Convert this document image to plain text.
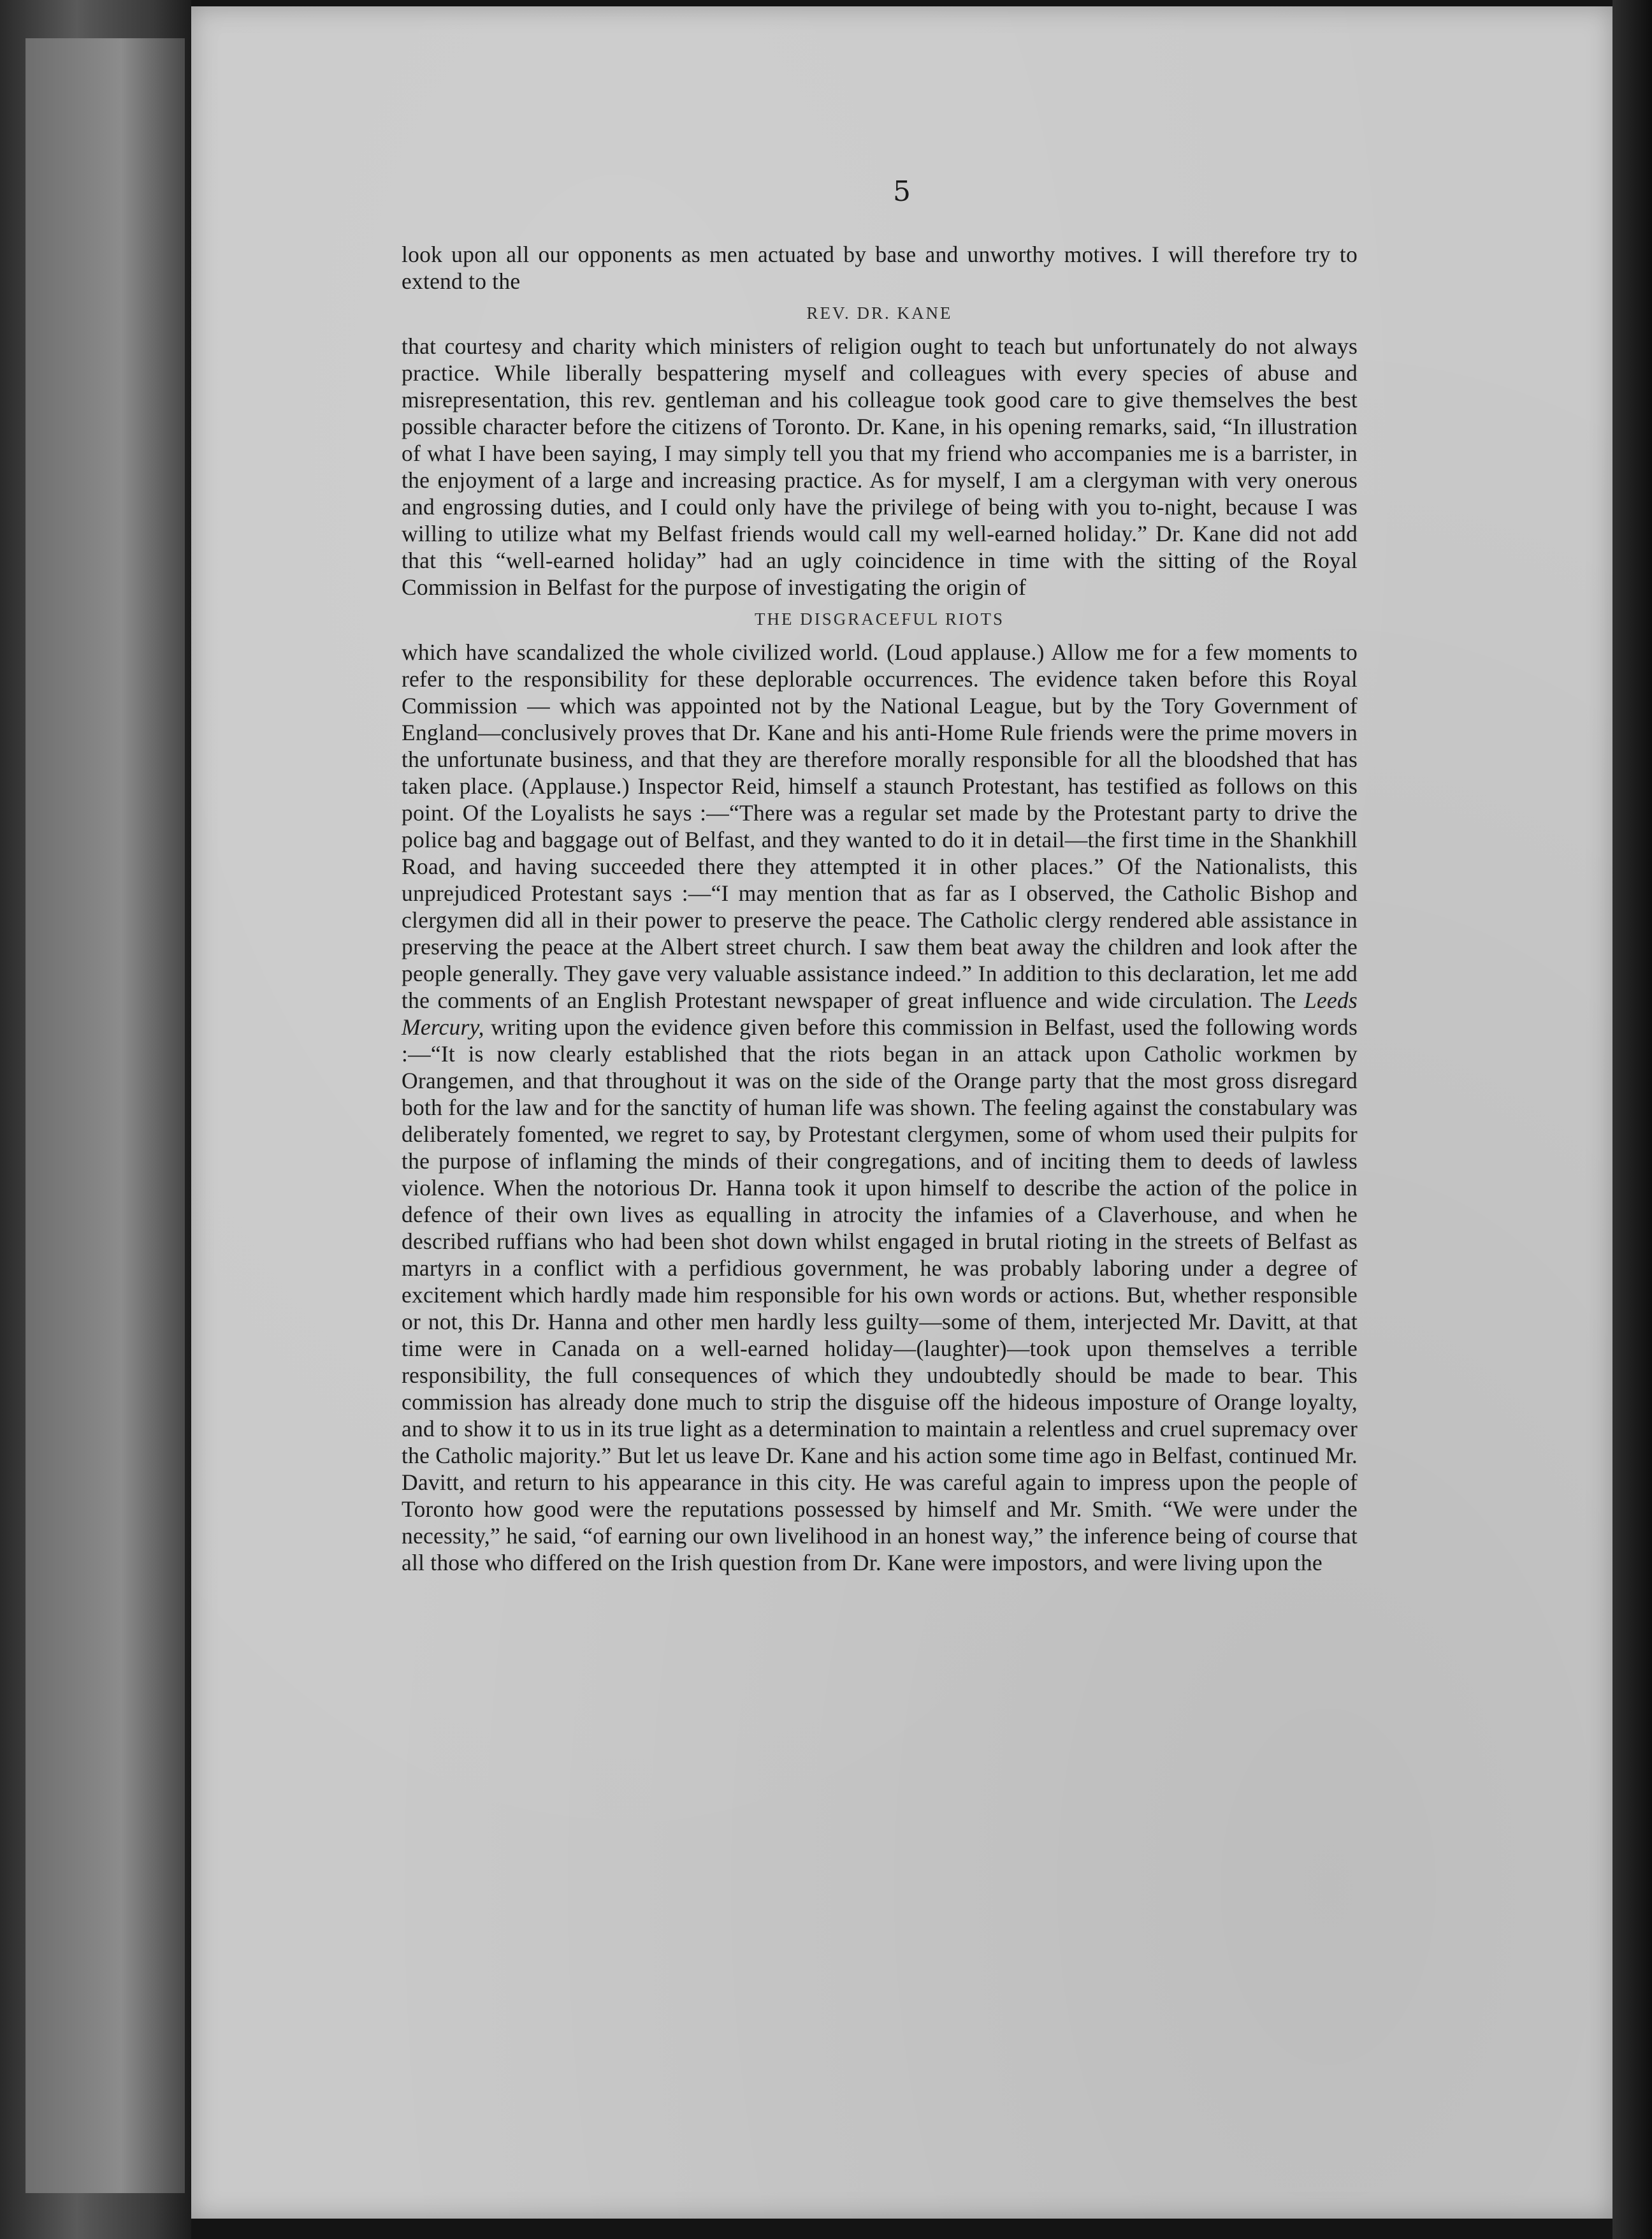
5

look upon all our opponents as men actuated by base and unworthy motives. I will therefore try to extend to the

REV. DR. KANE

that courtesy and charity which ministers of religion ought to teach but unfortunately do not always practice. While liberally bespattering myself and colleagues with every species of abuse and misrepresentation, this rev. gentleman and his colleague took good care to give themselves the best possible character before the citizens of Toronto. Dr. Kane, in his opening remarks, said, “In illustration of what I have been saying, I may simply tell you that my friend who accompanies me is a barrister, in the enjoyment of a large and increasing practice. As for myself, I am a clergyman with very onerous and engrossing duties, and I could only have the privilege of being with you to-night, because I was willing to utilize what my Belfast friends would call my well-earned holiday.” Dr. Kane did not add that this “well-earned holiday” had an ugly coincidence in time with the sitting of the Royal Commission in Belfast for the purpose of investigating the origin of

THE DISGRACEFUL RIOTS

which have scandalized the whole civilized world. (Loud applause.) Allow me for a few moments to refer to the responsibility for these deplorable occurrences. The evidence taken before this Royal Commission — which was appointed not by the National League, but by the Tory Government of England—conclusively proves that Dr. Kane and his anti-Home Rule friends were the prime movers in the unfortunate business, and that they are therefore morally responsible for all the bloodshed that has taken place. (Applause.) Inspector Reid, himself a staunch Protestant, has testified as follows on this point. Of the Loyalists he says :—“There was a regular set made by the Protestant party to drive the police bag and baggage out of Belfast, and they wanted to do it in detail—the first time in the Shankhill Road, and having succeeded there they attempted it in other places.” Of the Nationalists, this unprejudiced Protestant says :—“I may mention that as far as I observed, the Catholic Bishop and clergymen did all in their power to preserve the peace. The Catholic clergy rendered able assistance in preserving the peace at the Albert street church. I saw them beat away the children and look after the people generally. They gave very valuable assistance indeed.” In addition to this declaration, let me add the comments of an English Protestant newspaper of great influence and wide circulation. The Leeds Mercury, writing upon the evidence given before this commission in Belfast, used the following words :—“It is now clearly established that the riots began in an attack upon Catholic workmen by Orangemen, and that throughout it was on the side of the Orange party that the most gross disregard both for the law and for the sanctity of human life was shown. The feeling against the constabulary was deliberately fomented, we regret to say, by Protestant clergymen, some of whom used their pulpits for the purpose of inflaming the minds of their congregations, and of inciting them to deeds of lawless violence. When the notorious Dr. Hanna took it upon himself to describe the action of the police in defence of their own lives as equalling in atrocity the infamies of a Claverhouse, and when he described ruffians who had been shot down whilst engaged in brutal rioting in the streets of Belfast as martyrs in a conflict with a perfidious government, he was probably laboring under a degree of excitement which hardly made him responsible for his own words or actions. But, whether responsible or not, this Dr. Hanna and other men hardly less guilty—some of them, interjected Mr. Davitt, at that time were in Canada on a well-earned holiday—(laughter)—took upon themselves a terrible responsibility, the full consequences of which they undoubtedly should be made to bear. This commission has already done much to strip the disguise off the hideous imposture of Orange loyalty, and to show it to us in its true light as a determination to maintain a relentless and cruel supremacy over the Catholic majority.” But let us leave Dr. Kane and his action some time ago in Belfast, continued Mr. Davitt, and return to his appearance in this city. He was careful again to impress upon the people of Toronto how good were the reputations possessed by himself and Mr. Smith. “We were under the necessity,” he said, “of earning our own livelihood in an honest way,” the inference being of course that all those who differed on the Irish question from Dr. Kane were impostors, and were living upon the
